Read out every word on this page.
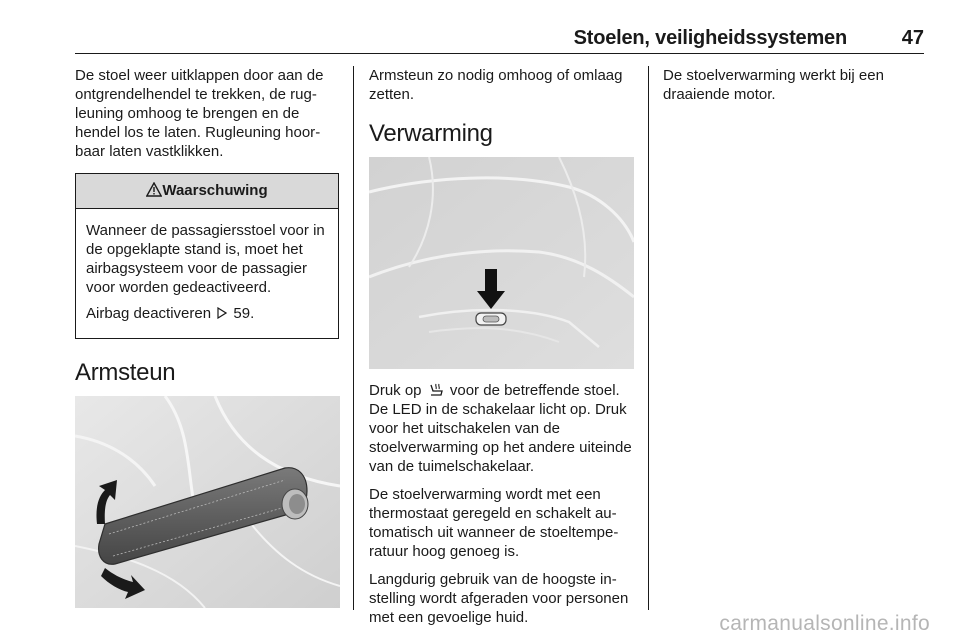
Stoelen, veiligheidssystemen	47

De stoel weer uitklappen door aan de ontgrendelhendel te trekken, de rugleuning omhoog te brengen en de hendel los te laten. Rugleuning hoorbaar laten vastklikken.

Waarschuwing

Wanneer de passagiersstoel voor in de opgeklapte stand is, moet het airbagsysteem voor de passagier voor worden gedeactiveerd.

Airbag deactiveren 59.

Armsteun

Armsteun zo nodig omhoog of omlaag zetten.

Verwarming

Druk op voor de betreffende stoel. De LED in de schakelaar licht op. Druk voor het uitschakelen van de stoelverwarming op het andere uiteinde van de tuimelschakelaar.

De stoelverwarming wordt met een thermostaat geregeld en schakelt automatisch uit wanneer de stoeltemperatuur hoog genoeg is.

Langdurig gebruik van de hoogste instelling wordt afgeraden voor personen met een gevoelige huid.

De stoelverwarming werkt bij een draaiende motor.

carmanualsonline.info
